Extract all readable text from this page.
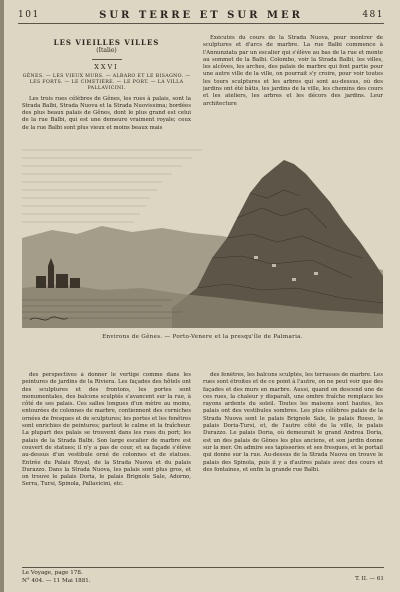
101	SUR TERRE ET SUR MER	481
LES VIEILLES VILLES
(Italie)
XXVI
GÊNES. — LES VIEUX MURS. — ALBARO ET LE BISAGNO. — LES FORTS. — LE CIMETIÈRE. — LE PORT. — LA VILLA PALLAVICINI.

Les trois rues célèbres de Gênes, les rues à palais, sont la Strada Balbi, Strada Nuova et la Strada Nuovissima; bordées des plus beaux palais de Gênes, dont le plus grand est celui de la rue Balbi, qui est une demeure vraiment royale; ceux de la rue Balbi sont plus vieux et moins beaux mais

Exécutés du cours de la Strada Nuova, pour montrer de sculptures et d'arcs de marbre. La rue Balbi commence à l'Annunziata par un escalier qui s'élève au bas de la rue et monte au sommet de la Balbi. Colombo, voir la Strada Balbi, les villes, les alcôves, les arches, des palais de marbre qui font partie pour une autre ville de la ville, on pourrait s'y croire, pour voir toutes les tours sculptures et les arbres qui sont au-dessus, où des jardins ont été bâtis, les jardins de la ville, les chemins des cours et les ateliers, les arbres et les décors des jardins. Leur architecture

Environs de Gênes. — Porto-Venere et la presqu'île de Palmaria.

des perspectives à donner le vertige comme dans les peintures de jardins de la Riviera. Les façades des hôtels ont des sculptures et des frontons, les portes sont monumentales, des balcons sculptés s'avancent sur la rue, à côté de ses palais. Ces salles longues d'un mètre au moins, entourées de colonnes de marbre, contiennent des corniches ornées de fresques et de sculptures; les portes et les fenêtres sont enrichies de peintures; partout le calme et la fraîcheur. La plupart des palais se trouvent dans les rues du port; les palais de la Strada Balbi. Son large escalier de marbre est couvert de statues; il n'y a pas de cour, et sa façade s'élève au-dessus d'un vestibule orné de colonnes et de statues. Entrée du Palais Royal, de la Strada Nuova et du palais Durazzo. Dans la Strada Nuova, les palais sont plus gros, et on trouve le palais Doria, le palais Brignole Sale, Adorno, Serra, Tursi, Spinola, Pallavicini, etc.

des fenêtres, les balcons sculptés, les terrasses de marbre. Les rues sont étroites et de ce point à l'autre, on ne peut voir que des façades et des murs en marbre. Aussi, quand on descend une de ces rues, la chaleur y disparaît, une ombre fraîche remplace les rayons ardents du soleil. Toutes les maisons sont hautes, les palais ont des vestibules sombres. Les plus célèbres palais de la Strada Nuova sont le palais Brignole Sale, le palais Rosso, le palais Doria-Tursi, et, de l'autre côté de la ville, le palais Durazzo. Le palais Doria, où demeurait le grand Andrea Doria, est un des palais de Gênes les plus anciens, et son jardin donne sur la mer. On admire ses tapisseries et ses fresques, et le portail qui donne sur la rue. Au-dessus de la Strada Nuova on trouve le palais des Spinola, puis il y a d'autres palais avec des cours et des fontaines, et enfin la grande rue Balbi.

Le Voyage, page 178.
N° 404. — 11 Mai 1881.	T. II. — 61
